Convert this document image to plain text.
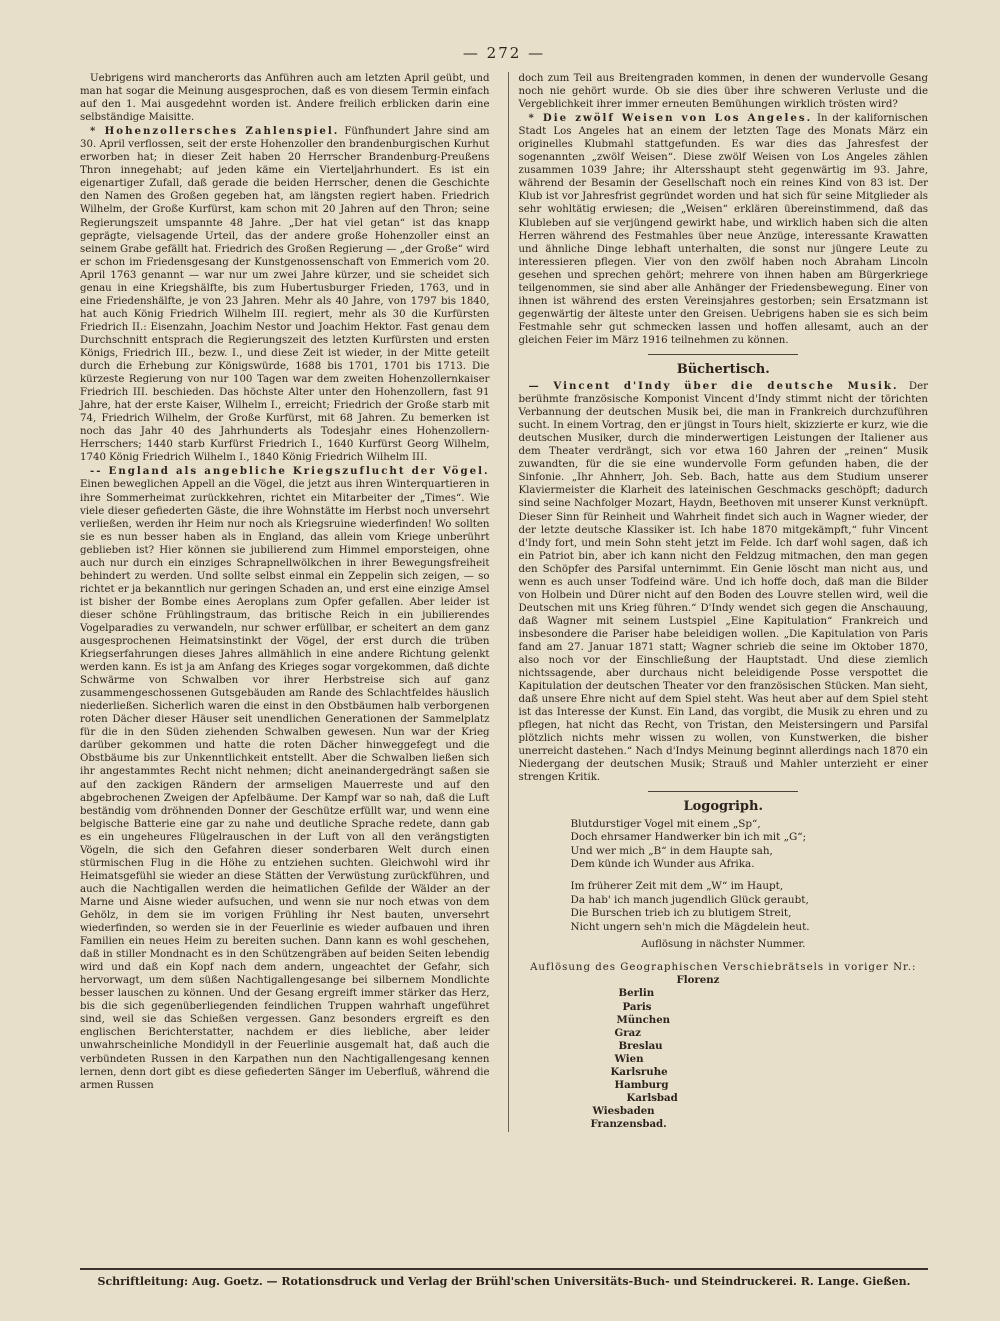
— 272 —

Uebrigens wird mancherorts das Anführen auch am letzten April geübt, und man hat sogar die Meinung ausgesprochen, daß es von diesem Termin einfach auf den 1. Mai ausgedehnt worden ist. Andere freilich erblicken darin eine selbständige Maisitte.

* Hohenzollersches Zahlenspiel. Fünfhundert Jahre sind am 30. April verflossen, seit der erste Hohenzoller den brandenburgischen Kurhut erworben hat; in dieser Zeit haben 20 Herrscher Brandenburg-Preußens Thron innegehabt; auf jeden käme ein Vierteljahrhundert. Es ist ein eigenartiger Zufall, daß gerade die beiden Herrscher, denen die Geschichte den Namen des Großen gegeben hat, am längsten regiert haben. Friedrich Wilhelm, der Große Kurfürst, kam schon mit 20 Jahren auf den Thron; seine Regierungszeit umspannte 48 Jahre. „Der hat viel getan“ ist das knapp geprägte, vielsagende Urteil, das der andere große Hohenzoller einst an seinem Grabe gefällt hat. Friedrich des Großen Regierung — „der Große“ wird er schon im Friedensgesang der Kunstgenossenschaft von Emmerich vom 20. April 1763 genannt — war nur um zwei Jahre kürzer, und sie scheidet sich genau in eine Kriegshälfte, bis zum Hubertusburger Frieden, 1763, und in eine Friedenshälfte, je von 23 Jahren. Mehr als 40 Jahre, von 1797 bis 1840, hat auch König Friedrich Wilhelm III. regiert, mehr als 30 die Kurfürsten Friedrich II.: Eisenzahn, Joachim Nestor und Joachim Hektor. Fast genau dem Durchschnitt entsprach die Regierungszeit des letzten Kurfürsten und ersten Königs, Friedrich III., bezw. I., und diese Zeit ist wieder, in der Mitte geteilt durch die Erhebung zur Königswürde, 1688 bis 1701, 1701 bis 1713. Die kürzeste Regierung von nur 100 Tagen war dem zweiten Hohenzollernkaiser Friedrich III. beschieden. Das höchste Alter unter den Hohenzollern, fast 91 Jahre, hat der erste Kaiser, Wilhelm I., erreicht; Friedrich der Große starb mit 74, Friedrich Wilhelm, der Große Kurfürst, mit 68 Jahren. Zu bemerken ist noch das Jahr 40 des Jahrhunderts als Todesjahr eines Hohenzollern-Herrschers; 1440 starb Kurfürst Friedrich I., 1640 Kurfürst Georg Wilhelm, 1740 König Friedrich Wilhelm I., 1840 König Friedrich Wilhelm III.

-- England als angebliche Kriegszuflucht der Vögel. Einen beweglichen Appell an die Vögel, die jetzt aus ihren Winterquartieren in ihre Sommerheimat zurückkehren, richtet ein Mitarbeiter der „Times“. Wie viele dieser gefiederten Gäste, die ihre Wohnstätte im Herbst noch unversehrt verließen, werden ihr Heim nur noch als Kriegsruine wiederfinden! Wo sollten sie es nun besser haben als in England, das allein vom Kriege unberührt geblieben ist? Hier können sie jubilierend zum Himmel emporsteigen, ohne auch nur durch ein einziges Schrapnellwölkchen in ihrer Bewegungsfreiheit behindert zu werden. Und sollte selbst einmal ein Zeppelin sich zeigen, — so richtet er ja bekanntlich nur geringen Schaden an, und erst eine einzige Amsel ist bisher der Bombe eines Aeroplans zum Opfer gefallen. Aber leider ist dieser schöne Frühlingstraum, das britische Reich in ein jubilierendes Vogelparadies zu verwandeln, nur schwer erfüllbar, er scheitert an dem ganz ausgesprochenen Heimatsinstinkt der Vögel, der erst durch die trüben Kriegserfahrungen dieses Jahres allmählich in eine andere Richtung gelenkt werden kann. Es ist ja am Anfang des Krieges sogar vorgekommen, daß dichte Schwärme von Schwalben vor ihrer Herbstreise sich auf ganz zusammengeschossenen Gutsgebäuden am Rande des Schlachtfeldes häuslich niederließen. Sicherlich waren die einst in den Obstbäumen halb verborgenen roten Dächer dieser Häuser seit unendlichen Generationen der Sammelplatz für die in den Süden ziehenden Schwalben gewesen. Nun war der Krieg darüber gekommen und hatte die roten Dächer hinweggefegt und die Obstbäume bis zur Unkenntlichkeit entstellt. Aber die Schwalben ließen sich ihr angestammtes Recht nicht nehmen; dicht aneinandergedrängt saßen sie auf den zackigen Rändern der armseligen Mauerreste und auf den abgebrochenen Zweigen der Apfelbäume. Der Kampf war so nah, daß die Luft beständig vom dröhnenden Donner der Geschütze erfüllt war, und wenn eine belgische Batterie eine gar zu nahe und deutliche Sprache redete, dann gab es ein ungeheures Flügelrauschen in der Luft von all den verängstigten Vögeln, die sich den Gefahren dieser sonderbaren Welt durch einen stürmischen Flug in die Höhe zu entziehen suchten. Gleichwohl wird ihr Heimatsgefühl sie wieder an diese Stätten der Verwüstung zurückführen, und auch die Nachtigallen werden die heimatlichen Gefilde der Wälder an der Marne und Aisne wieder aufsuchen, und wenn sie nur noch etwas von dem Gehölz, in dem sie im vorigen Frühling ihr Nest bauten, unversehrt wiederfinden, so werden sie in der Feuerlinie es wieder aufbauen und ihren Familien ein neues Heim zu bereiten suchen. Dann kann es wohl geschehen, daß in stiller Mondnacht es in den Schützengräben auf beiden Seiten lebendig wird und daß ein Kopf nach dem andern, ungeachtet der Gefahr, sich hervorwagt, um dem süßen Nachtigallengesange bei silbernem Mondlichte besser lauschen zu können. Und der Gesang ergreift immer stärker das Herz, bis die sich gegenüberliegenden feindlichen Truppen wahrhaft ungeführet sind, weil sie das Schießen vergessen. Ganz besonders ergreift es den englischen Berichterstatter, nachdem er dies liebliche, aber leider unwahrscheinliche Mondidyll in der Feuerlinie ausgemalt hat, daß auch die verbündeten Russen in den Karpathen nun den Nachtigallengesang kennen lernen, denn dort gibt es diese gefiederten Sänger im Ueberfluß, während die armen Russen

doch zum Teil aus Breitengraden kommen, in denen der wundervolle Gesang noch nie gehört wurde. Ob sie dies über ihre schweren Verluste und die Vergeblichkeit ihrer immer erneuten Bemühungen wirklich trösten wird?

* Die zwölf Weisen von Los Angeles. In der kalifornischen Stadt Los Angeles hat an einem der letzten Tage des Monats März ein originelles Klubmahl stattgefunden. Es war dies das Jahresfest der sogenannten „zwölf Weisen“. Diese zwölf Weisen von Los Angeles zählen zusammen 1039 Jahre; ihr Altersshaupt steht gegenwärtig im 93. Jahre, während der Besamin der Gesellschaft noch ein reines Kind von 83 ist. Der Klub ist vor Jahresfrist gegründet worden und hat sich für seine Mitglieder als sehr wohltätig erwiesen; die „Weisen“ erklären übereinstimmend, daß das Klubleben auf sie verjüngend gewirkt habe, und wirklich haben sich die alten Herren während des Festmahles über neue Anzüge, interessante Krawatten und ähnliche Dinge lebhaft unterhalten, die sonst nur jüngere Leute zu interessieren pflegen. Vier von den zwölf haben noch Abraham Lincoln gesehen und sprechen gehört; mehrere von ihnen haben am Bürgerkriege teilgenommen, sie sind aber alle Anhänger der Friedensbewegung. Einer von ihnen ist während des ersten Vereinsjahres gestorben; sein Ersatzmann ist gegenwärtig der älteste unter den Greisen. Uebrigens haben sie es sich beim Festmahle sehr gut schmecken lassen und hoffen allesamt, auch an der gleichen Feier im März 1916 teilnehmen zu können.

Büchertisch.

— Vincent d'Indy über die deutsche Musik. Der berühmte französische Komponist Vincent d'Indy stimmt nicht der törichten Verbannung der deutschen Musik bei, die man in Frankreich durchzuführen sucht. In einem Vortrag, den er jüngst in Tours hielt, skizzierte er kurz, wie die deutschen Musiker, durch die minderwertigen Leistungen der Italiener aus dem Theater verdrängt, sich vor etwa 160 Jahren der „reinen“ Musik zuwandten, für die sie eine wundervolle Form gefunden haben, die der Sinfonie. „Ihr Ahnherr, Joh. Seb. Bach, hatte aus dem Studium unserer Klaviermeister die Klarheit des lateinischen Geschmacks geschöpft; dadurch sind seine Nachfolger Mozart, Haydn, Beethoven mit unserer Kunst verknüpft. Dieser Sinn für Reinheit und Wahrheit findet sich auch in Wagner wieder, der der letzte deutsche Klassiker ist. Ich habe 1870 mitgekämpft,“ fuhr Vincent d'Indy fort, und mein Sohn steht jetzt im Felde. Ich darf wohl sagen, daß ich ein Patriot bin, aber ich kann nicht den Feldzug mitmachen, den man gegen den Schöpfer des Parsifal unternimmt. Ein Genie löscht man nicht aus, und wenn es auch unser Todfeind wäre. Und ich hoffe doch, daß man die Bilder von Holbein und Dürer nicht auf den Boden des Louvre stellen wird, weil die Deutschen mit uns Krieg führen.“ D'Indy wendet sich gegen die Anschauung, daß Wagner mit seinem Lustspiel „Eine Kapitulation“ Frankreich und insbesondere die Pariser habe beleidigen wollen. „Die Kapitulation von Paris fand am 27. Januar 1871 statt; Wagner schrieb die seine im Oktober 1870, also noch vor der Einschließung der Hauptstadt. Und diese ziemlich nichtssagende, aber durchaus nicht beleidigende Posse verspottet die Kapitulation der deutschen Theater vor den französischen Stücken. Man sieht, daß unsere Ehre nicht auf dem Spiel steht. Was heut aber auf dem Spiel steht ist das Interesse der Kunst. Ein Land, das vorgibt, die Musik zu ehren und zu pflegen, hat nicht das Recht, von Tristan, den Meistersingern und Parsifal plötzlich nichts mehr wissen zu wollen, von Kunstwerken, die bisher unerreicht dastehen.“ Nach d'Indys Meinung beginnt allerdings nach 1870 ein Niedergang der deutschen Musik; Strauß und Mahler unterzieht er einer strengen Kritik.

Logogriph.
Blutdurstiger Vogel mit einem „Sp“,
Doch ehrsamer Handwerker bin ich mit „G“;
Und wer mich „B“ in dem Haupte sah,
Dem künde ich Wunder aus Afrika.
Im früherer Zeit mit dem „W“ im Haupt,
Da hab' ich manch jugendlich Glück geraubt,
Die Burschen trieb ich zu blutigem Streit,
Nicht ungern seh'n mich die Mägdelein heut.
Auflösung in nächster Nummer.
Auflösung des Geographischen Verschiebrätsels in voriger Nr.:
Florenz
Berlin
Paris
München
Graz
Breslau
Wien
Karlsruhe
Hamburg
Karlsbad
Wiesbaden
Franzensbad.
Schriftleitung: Aug. Goetz. — Rotationsdruck und Verlag der Brühl'schen Universitäts-Buch- und Steindruckerei. R. Lange. Gießen.
